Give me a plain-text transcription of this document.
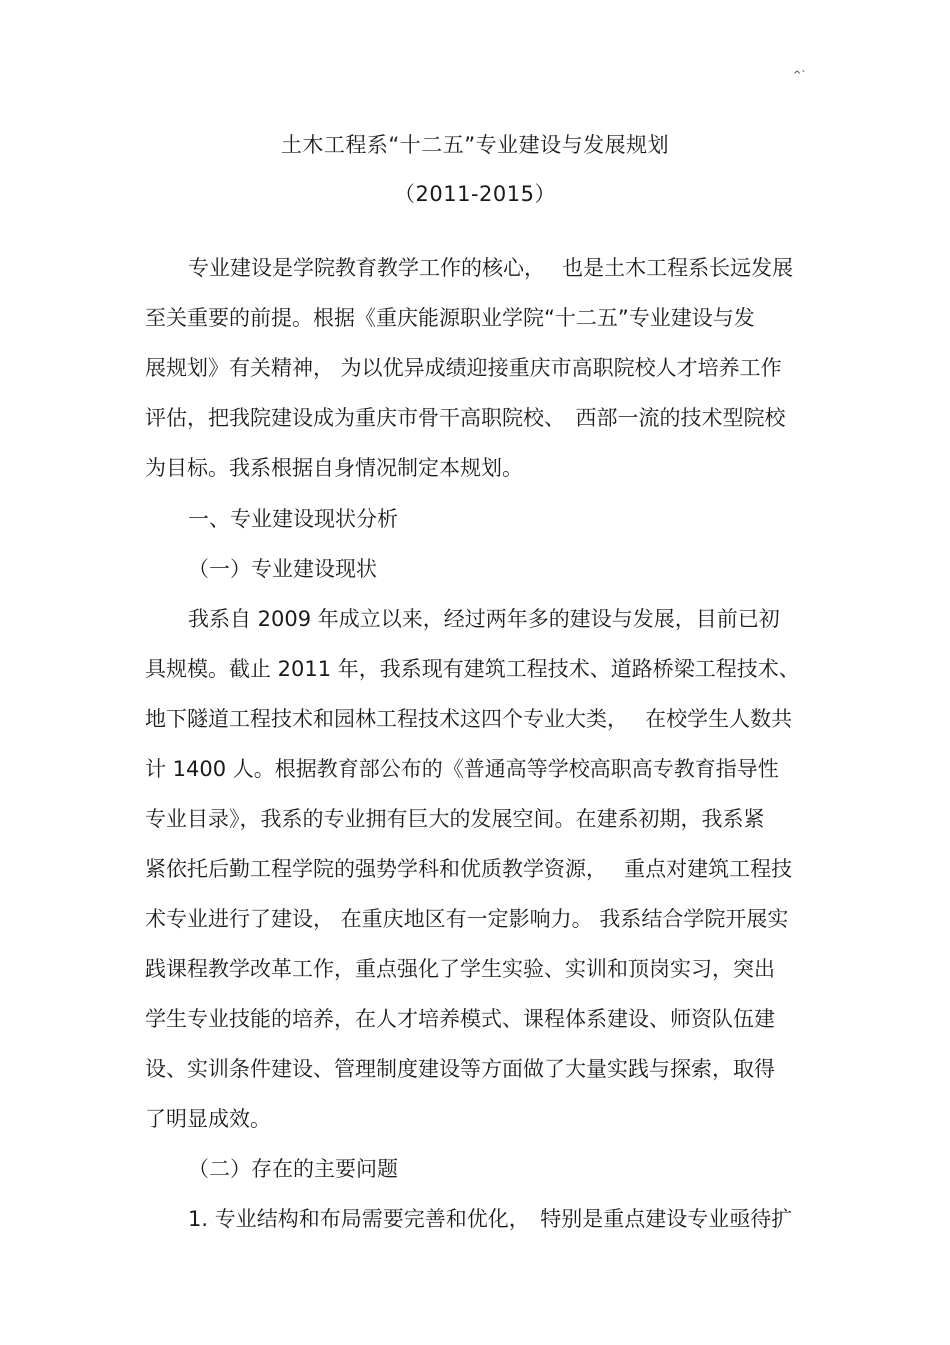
^`
土木工程系“十二五”专业建设与发展规划
（2011-2015）
专业建设是学院教育教学工作的核心，　 也是土木工程系长远发展
至关重要的前提。根据《重庆能源职业学院“十二五”专业建设与发
展规划》有关精神， 为以优异成绩迎接重庆市高职院校人才培养工作
评估，把我院建设成为重庆市骨干高职院校、　西部一流的技术型院校
为目标。我系根据自身情况制定本规划。
一、专业建设现状分析
（一）专业建设现状
我系自 2009 年成立以来，经过两年多的建设与发展，目前已初
具规模。截止 2011 年，我系现有建筑工程技术、道路桥梁工程技术、
地下隧道工程技术和园林工程技术这四个专业大类，　 在校学生人数共
计 1400 人。根据教育部公布的《普通高等学校高职高专教育指导性
专业目录》，我系的专业拥有巨大的发展空间。在建系初期，我系紧
紧依托后勤工程学院的强势学科和优质教学资源，　 重点对建筑工程技
术专业进行了建设， 在重庆地区有一定影响力。 我系结合学院开展实
践课程教学改革工作，重点强化了学生实验、实训和顶岗实习，突出
学生专业技能的培养，在人才培养模式、课程体系建设、师资队伍建
设、实训条件建设、管理制度建设等方面做了大量实践与探索，取得
了明显成效。
（二）存在的主要问题
1. 专业结构和布局需要完善和优化，　特别是重点建设专业亟待扩
